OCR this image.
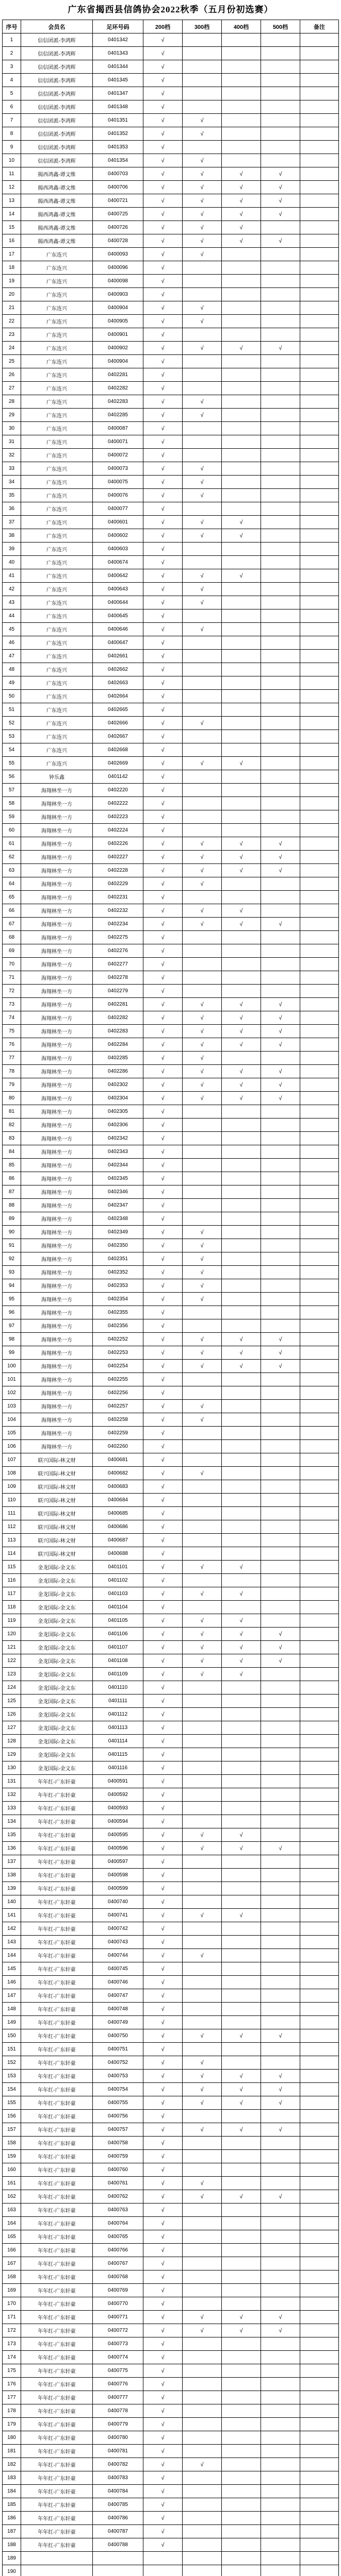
广东省揭西县信鸽协会2022秋季（五月份初选赛）
序号	会员名	足环号码	200档	300档	400档	500档	备注
1	信信团派-李鸿辉	0401342	√				
2	信信团派-李鸿辉	0401343	√				
3	信信团派-李鸿辉	0401344	√				
4	信信团派-李鸿辉	0401345	√				
5	信信团派-李鸿辉	0401347	√				
6	信信团派-李鸿辉	0401348	√				
7	信信团派-李鸿辉	0401351	√	√			
8	信信团派-李鸿辉	0401352	√	√			
9	信信团派-李鸿辉	0401353	√				
10	信信团派-李鸿辉	0401354	√	√			
11	揭西鸿鑫-谭文维	0400703	√	√	√	√	
12	揭西鸿鑫-谭文维	0400706	√	√	√	√	
13	揭西鸿鑫-谭文维	0400721	√	√	√	√	
14	揭西鸿鑫-谭文维	0400725	√	√	√	√	
15	揭西鸿鑫-谭文维	0400726	√	√	√		
16	揭西鸿鑫-谭文维	0400728	√	√	√	√	
17	广东连兴	0400093	√	√			
18	广东连兴	0400096	√				
19	广东连兴	0400098	√				
20	广东连兴	0400903	√				
21	广东连兴	0400904	√	√			
22	广东连兴	0400905	√	√			
23	广东连兴	0400901	√				
24	广东连兴	0400902	√	√	√	√	
25	广东连兴	0400904	√				
26	广东连兴	0402281	√				
27	广东连兴	0402282	√				
28	广东连兴	0402283	√	√			
29	广东连兴	0402285	√	√			
30	广东连兴	0400087	√				
31	广东连兴	0400071	√				
32	广东连兴	0400072	√				
33	广东连兴	0400073	√	√			
34	广东连兴	0400075	√	√			
35	广东连兴	0400076	√	√			
36	广东连兴	0400077	√				
37	广东连兴	0400601	√	√	√		
38	广东连兴	0400602	√	√	√		
39	广东连兴	0400603	√				
40	广东连兴	0400674	√				
41	广东连兴	0400642	√	√	√		
42	广东连兴	0400643	√	√			
43	广东连兴	0400644	√	√			
44	广东连兴	0400645	√				
45	广东连兴	0400646	√	√			
46	广东连兴	0400647	√				
47	广东连兴	0402661	√				
48	广东连兴	0402662	√				
49	广东连兴	0402663	√				
50	广东连兴	0402664	√				
51	广东连兴	0402665	√				
52	广东连兴	0402666	√	√			
53	广东连兴	0402667	√				
54	广东连兴	0402668	√				
55	广东连兴	0402669	√	√	√		
56	钟乐鑫	0401142	√				
57	海翔林坐一方	0402220	√				
58	海翔林坐一方	0402222	√				
59	海翔林坐一方	0402223	√				
60	海翔林坐一方	0402224	√				
61	海翔林坐一方	0402226	√	√	√	√	
62	海翔林坐一方	0402227	√	√	√	√	
63	海翔林坐一方	0402228	√	√	√	√	
64	海翔林坐一方	0402229	√	√			
65	海翔林坐一方	0402231	√				
66	海翔林坐一方	0402232	√	√	√		
67	海翔林坐一方	0402234	√	√	√	√	
68	海翔林坐一方	0402275	√				
69	海翔林坐一方	0402276	√				
70	海翔林坐一方	0402277	√				
71	海翔林坐一方	0402278	√				
72	海翔林坐一方	0402279	√				
73	海翔林坐一方	0402281	√	√	√	√	
74	海翔林坐一方	0402282	√	√	√	√	
75	海翔林坐一方	0402283	√	√	√	√	
76	海翔林坐一方	0402284	√	√	√	√	
77	海翔林坐一方	0402285	√	√			
78	海翔林坐一方	0402286	√	√	√	√	
79	海翔林坐一方	0402302	√	√	√	√	
80	海翔林坐一方	0402304	√	√	√	√	
81	海翔林坐一方	0402305	√				
82	海翔林坐一方	0402306	√				
83	海翔林坐一方	0402342	√				
84	海翔林坐一方	0402343	√				
85	海翔林坐一方	0402344	√				
86	海翔林坐一方	0402345	√				
87	海翔林坐一方	0402346	√				
88	海翔林坐一方	0402347	√				
89	海翔林坐一方	0402348	√				
90	海翔林坐一方	0402349	√	√			
91	海翔林坐一方	0402350	√	√			
92	海翔林坐一方	0402351	√	√			
93	海翔林坐一方	0402352	√	√			
94	海翔林坐一方	0402353	√	√			
95	海翔林坐一方	0402354	√	√			
96	海翔林坐一方	0402355	√				
97	海翔林坐一方	0402356	√				
98	海翔林坐一方	0402252	√	√	√	√	
99	海翔林坐一方	0402253	√	√	√	√	
100	海翔林坐一方	0402254	√	√	√	√	
101	海翔林坐一方	0402255	√				
102	海翔林坐一方	0402256	√				
103	海翔林坐一方	0402257	√	√			
104	海翔林坐一方	0402258	√	√			
105	海翔林坐一方	0402259	√				
106	海翔林坐一方	0402260	√				
107	联兴国际-林文财	0400681	√				
108	联兴国际-林文财	0400682	√	√			
109	联兴国际-林文财	0400683	√				
110	联兴国际-林文财	0400684	√				
111	联兴国际-林文财	0400685	√				
112	联兴国际-林文财	0400686	√				
113	联兴国际-林文财	0400687	√				
114	联兴国际-林文财	0400688	√				
115	金龙国际-金文东	0401101	√	√	√		
116	金龙国际-金文东	0401102	√				
117	金龙国际-金文东	0401103	√	√	√		
118	金龙国际-金文东	0401104	√				
119	金龙国际-金文东	0401105	√	√	√		
120	金龙国际-金文东	0401106	√	√	√	√	
121	金龙国际-金文东	0401107	√	√	√	√	
122	金龙国际-金文东	0401108	√	√	√	√	
123	金龙国际-金文东	0401109	√	√	√		
124	金龙国际-金文东	0401110	√				
125	金龙国际-金文东	0401111	√				
126	金龙国际-金文东	0401112	√				
127	金龙国际-金文东	0401113	√				
128	金龙国际-金文东	0401114	√				
129	金龙国际-金文东	0401115	√				
130	金龙国际-金文东	0401116	√				
131	年年红-广东轩豪	0400591	√				
132	年年红-广东轩豪	0400592	√				
133	年年红-广东轩豪	0400593	√				
134	年年红-广东轩豪	0400594	√				
135	年年红-广东轩豪	0400595	√	√	√		
136	年年红-广东轩豪	0400596	√	√	√	√	
137	年年红-广东轩豪	0400597	√				
138	年年红-广东轩豪	0400598	√				
139	年年红-广东轩豪	0400599	√				
140	年年红-广东轩豪	0400740	√				
141	年年红-广东轩豪	0400741	√	√	√		
142	年年红-广东轩豪	0400742	√				
143	年年红-广东轩豪	0400743	√				
144	年年红-广东轩豪	0400744	√	√			
145	年年红-广东轩豪	0400745	√				
146	年年红-广东轩豪	0400746	√				
147	年年红-广东轩豪	0400747	√				
148	年年红-广东轩豪	0400748	√				
149	年年红-广东轩豪	0400749	√				
150	年年红-广东轩豪	0400750	√	√	√	√	
151	年年红-广东轩豪	0400751	√				
152	年年红-广东轩豪	0400752	√	√			
153	年年红-广东轩豪	0400753	√	√	√	√	
154	年年红-广东轩豪	0400754	√	√	√	√	
155	年年红-广东轩豪	0400755	√	√	√	√	
156	年年红-广东轩豪	0400756	√				
157	年年红-广东轩豪	0400757	√	√	√	√	
158	年年红-广东轩豪	0400758	√				
159	年年红-广东轩豪	0400759	√				
160	年年红-广东轩豪	0400760	√				
161	年年红-广东轩豪	0400761	√	√			
162	年年红-广东轩豪	0400762	√	√	√	√	
163	年年红-广东轩豪	0400763	√				
164	年年红-广东轩豪	0400764	√				
165	年年红-广东轩豪	0400765	√				
166	年年红-广东轩豪	0400766	√				
167	年年红-广东轩豪	0400767	√				
168	年年红-广东轩豪	0400768	√				
169	年年红-广东轩豪	0400769	√				
170	年年红-广东轩豪	0400770	√				
171	年年红-广东轩豪	0400771	√	√	√	√	
172	年年红-广东轩豪	0400772	√	√	√	√	
173	年年红-广东轩豪	0400773	√				
174	年年红-广东轩豪	0400774	√				
175	年年红-广东轩豪	0400775	√				
176	年年红-广东轩豪	0400776	√				
177	年年红-广东轩豪	0400777	√				
178	年年红-广东轩豪	0400778	√				
179	年年红-广东轩豪	0400779	√				
180	年年红-广东轩豪	0400780	√				
181	年年红-广东轩豪	0400781	√				
182	年年红-广东轩豪	0400782	√	√			
183	年年红-广东轩豪	0400783	√				
184	年年红-广东轩豪	0400784	√				
185	年年红-广东轩豪	0400785	√				
186	年年红-广东轩豪	0400786	√				
187	年年红-广东轩豪	0400787	√				
188	年年红-广东轩豪	0400788	√				
189							
190							
